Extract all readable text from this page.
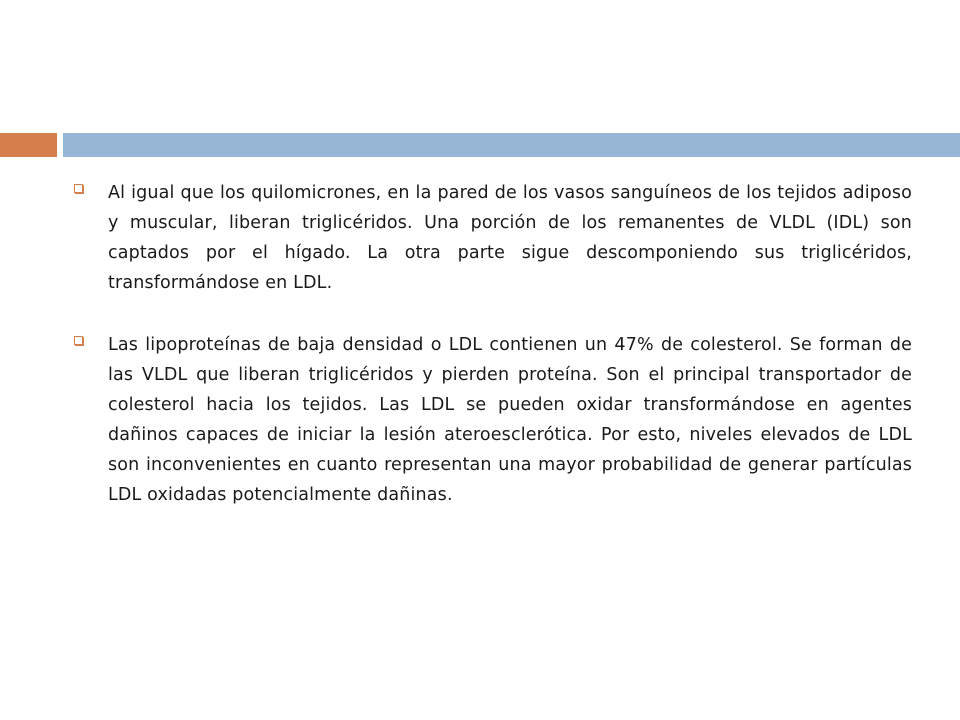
Al igual que los quilomicrones, en la pared de los vasos sanguíneos de los tejidos adiposo y muscular, liberan triglicéridos. Una porción de los remanentes de VLDL (IDL) son captados por el hígado. La otra parte sigue descomponiendo sus triglicéridos, transformándose en LDL.
Las lipoproteínas de baja densidad o LDL contienen un 47% de colesterol. Se forman de las VLDL que liberan triglicéridos y pierden proteína. Son el principal transportador de colesterol hacia los tejidos. Las LDL se pueden oxidar transformándose en agentes dañinos capaces de iniciar la lesión ateroesclerótica. Por esto, niveles elevados de LDL son inconvenientes en cuanto representan una mayor probabilidad de generar partículas LDL oxidadas potencialmente dañinas.
